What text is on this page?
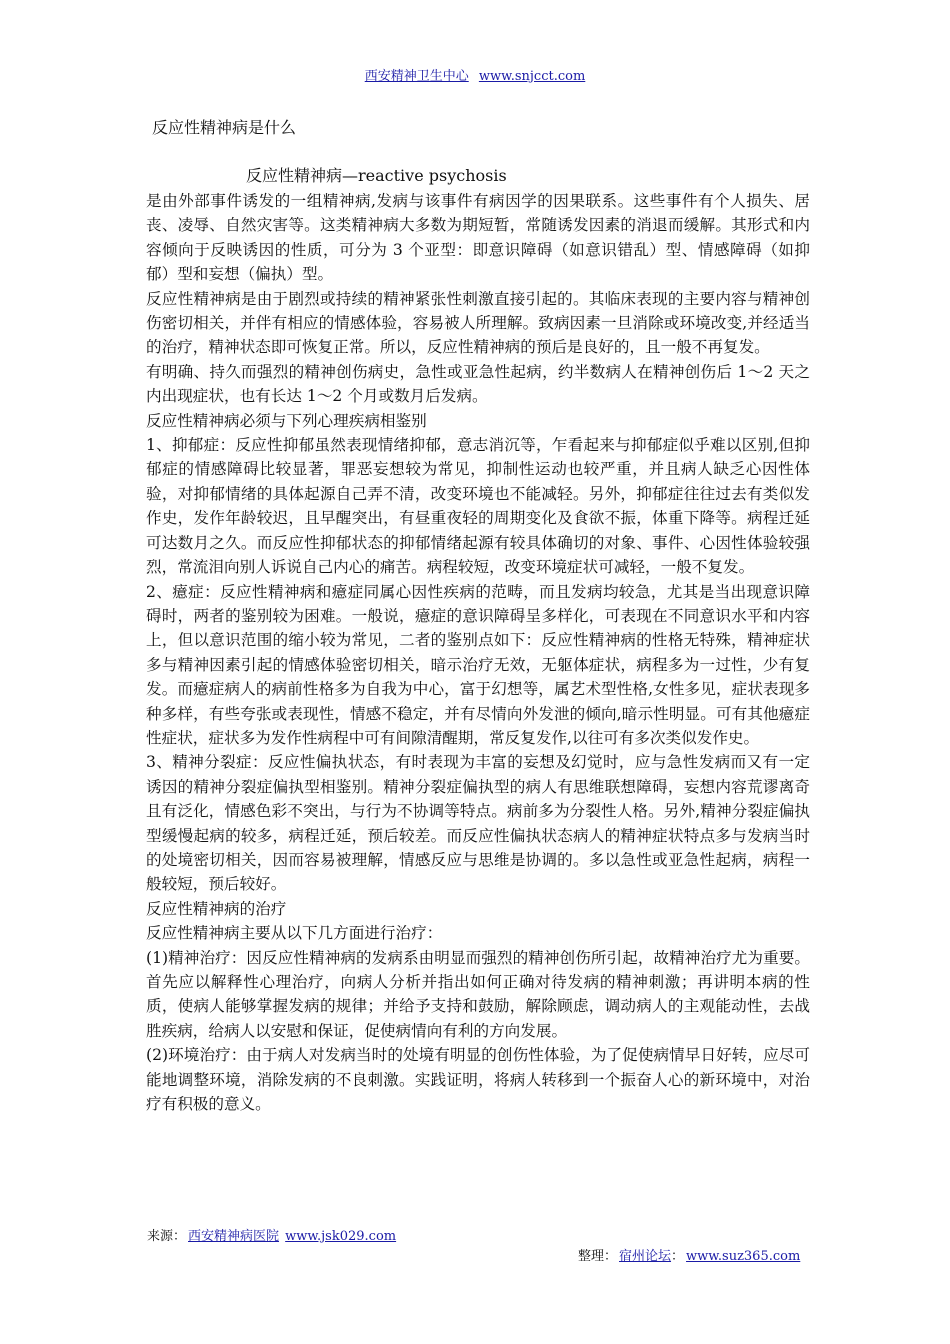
西安精神卫生中心 www.snjcct.com
反应性精神病是什么
反应性精神病—reactive psychosis

是由外部事件诱发的一组精神病,发病与该事件有病因学的因果联系。这些事件有个人损失、居丧、凌辱、自然灾害等。这类精神病大多数为期短暂，常随诱发因素的消退而缓解。其形式和内容倾向于反映诱因的性质，可分为 3 个亚型：即意识障碍（如意识错乱）型、情感障碍（如抑郁）型和妄想（偏执）型。

反应性精神病是由于剧烈或持续的精神紧张性刺激直接引起的。其临床表现的主要内容与精神创伤密切相关，并伴有相应的情感体验，容易被人所理解。致病因素一旦消除或环境改变,并经适当的治疗，精神状态即可恢复正常。所以，反应性精神病的预后是良好的，且一般不再复发。

有明确、持久而强烈的精神创伤病史，急性或亚急性起病，约半数病人在精神创伤后 1～2 天之内出现症状，也有长达 1～2 个月或数月后发病。

反应性精神病必须与下列心理疾病相鉴别

1、抑郁症：反应性抑郁虽然表现情绪抑郁，意志消沉等，乍看起来与抑郁症似乎难以区别,但抑郁症的情感障碍比较显著，罪恶妄想较为常见，抑制性运动也较严重，并且病人缺乏心因性体验，对抑郁情绪的具体起源自己弄不清，改变环境也不能减轻。另外，抑郁症往往过去有类似发作史，发作年龄较迟，且早醒突出，有昼重夜轻的周期变化及食欲不振，体重下降等。病程迁延可达数月之久。而反应性抑郁状态的抑郁情绪起源有较具体确切的对象、事件、心因性体验较强烈，常流泪向别人诉说自己内心的痛苦。病程较短，改变环境症状可减轻，一般不复发。

2、癔症：反应性精神病和癔症同属心因性疾病的范畴，而且发病均较急，尤其是当出现意识障碍时，两者的鉴别较为困难。一般说，癔症的意识障碍呈多样化，可表现在不同意识水平和内容上，但以意识范围的缩小较为常见，二者的鉴别点如下：反应性精神病的性格无特殊，精神症状多与精神因素引起的情感体验密切相关，暗示治疗无效，无躯体症状，病程多为一过性，少有复发。而癔症病人的病前性格多为自我为中心，富于幻想等，属艺术型性格,女性多见，症状表现多种多样，有些夸张或表现性，情感不稳定，并有尽情向外发泄的倾向,暗示性明显。可有其他癔症性症状，症状多为发作性病程中可有间隙清醒期，常反复发作,以往可有多次类似发作史。

3、精神分裂症：反应性偏执状态，有时表现为丰富的妄想及幻觉时，应与急性发病而又有一定诱因的精神分裂症偏执型相鉴别。精神分裂症偏执型的病人有思维联想障碍，妄想内容荒谬离奇且有泛化，情感色彩不突出，与行为不协调等特点。病前多为分裂性人格。另外,精神分裂症偏执型缓慢起病的较多，病程迁延，预后较差。而反应性偏执状态病人的精神症状特点多与发病当时的处境密切相关，因而容易被理解，情感反应与思维是协调的。多以急性或亚急性起病，病程一般较短，预后较好。

反应性精神病的治疗

反应性精神病主要从以下几方面进行治疗：

(1)精神治疗：因反应性精神病的发病系由明显而强烈的精神创伤所引起，故精神治疗尤为重要。首先应以解释性心理治疗，向病人分析并指出如何正确对待发病的精神刺激；再讲明本病的性质，使病人能够掌握发病的规律；并给予支持和鼓励，解除顾虑，调动病人的主观能动性，去战胜疾病，给病人以安慰和保证，促使病情向有利的方向发展。

(2)环境治疗：由于病人对发病当时的处境有明显的创伤性体验，为了促使病情早日好转，应尽可能地调整环境，消除发病的不良刺激。实践证明，将病人转移到一个振奋人心的新环境中，对治疗有积极的意义。

来源： 西安精神病医院 www.jsk029.com
整理： 宿州论坛： www.suz365.com
